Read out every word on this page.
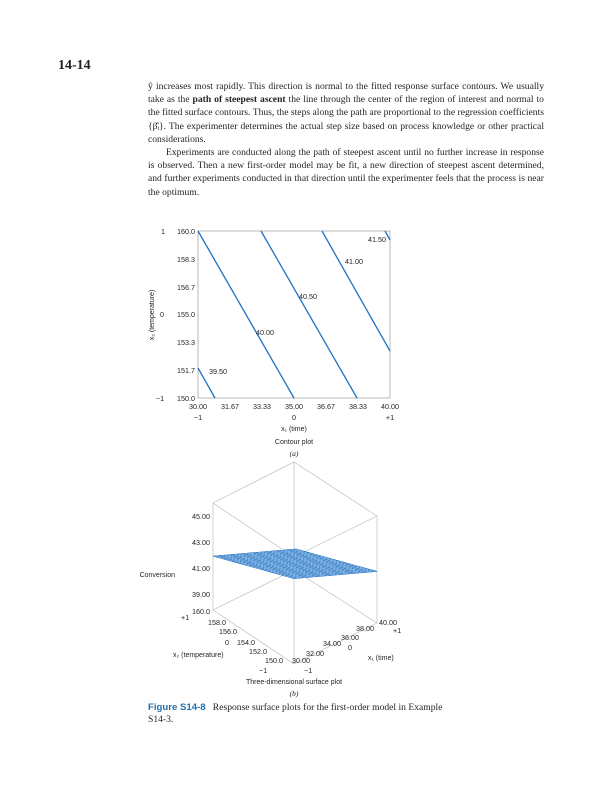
14-14

ŷ increases most rapidly. This direction is normal to the fitted response surface contours. We usually take as the path of steepest ascent the line through the center of the region of interest and normal to the fitted surface contours. Thus, the steps along the path are proportional to the regression coefficients {β̂ᵢ}. The experimenter determines the actual step size based on process knowledge or other practical considerations.

Experiments are conducted along the path of steepest ascent until no further increase in response is observed. Then a new first-order model may be fit, a new direction of steepest ascent determined, and further experiments conducted in that direction until the experimenter feels that the process is near the optimum.

160.0
158.3
156.7
155.0
153.3
151.7
150.0
1
0
−1
x₂ (temperature)
30.00 31.67 33.33 35.00 36.67 38.33 40.00
−1	0	+1
x₁ (time)
Contour plot
(a)
39.50
40.00
40.50
41.00
41.50
45.00
43.00
41.00
39.00
Conversion
160.0
158.0
156.0
154.0
152.0
150.0
+1
0
−1
x₂ (temperature)
30.00
32.00
34.00
36.00
38.00
40.00
−1
0
+1
x₁ (time)
Three-dimensional surface plot
(b)
Figure S14-8 Response surface plots for the first-order model in Example S14-3.
